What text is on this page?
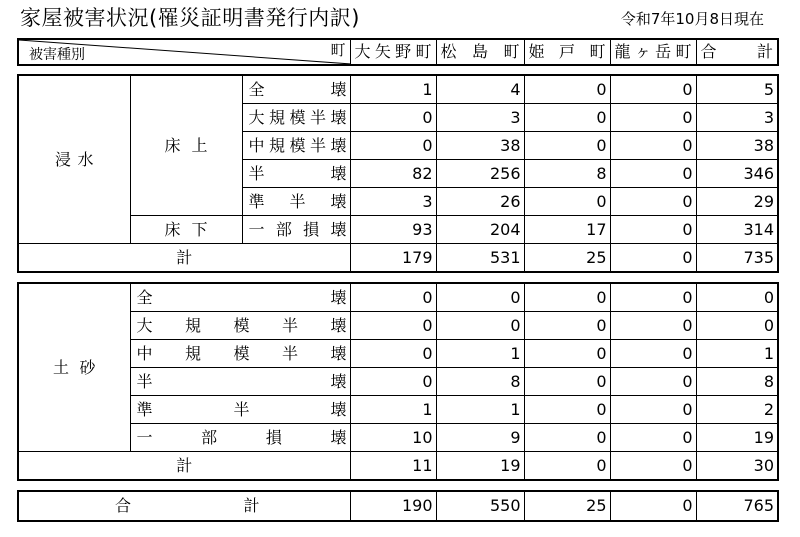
家屋被害状況(罹災証明書発行内訳)	令和7年10月8日現在
町
被害種別	大矢野町	松島町	姫戸町	龍ヶ岳町	合計
浸水	床上	全壊	1	4	0	0	5
		大規模半壊	0	3	0	0	3
		中規模半壊	0	38	0	0	38
		半壊	82	256	8	0	346
		準半壊	3	26	0	0	29
	床下	一部損壊	93	204	17	0	314
計			179	531	25	0	735
土砂	全壊	0	0	0	0	0
	大規模半壊	0	0	0	0	0
	中規模半壊	0	1	0	0	1
	半壊	0	8	0	0	8
	準半壊	1	1	0	0	2
	一部損壊	10	9	0	0	19
計		11	19	0	0	30
合計	190	550	25	0	765
